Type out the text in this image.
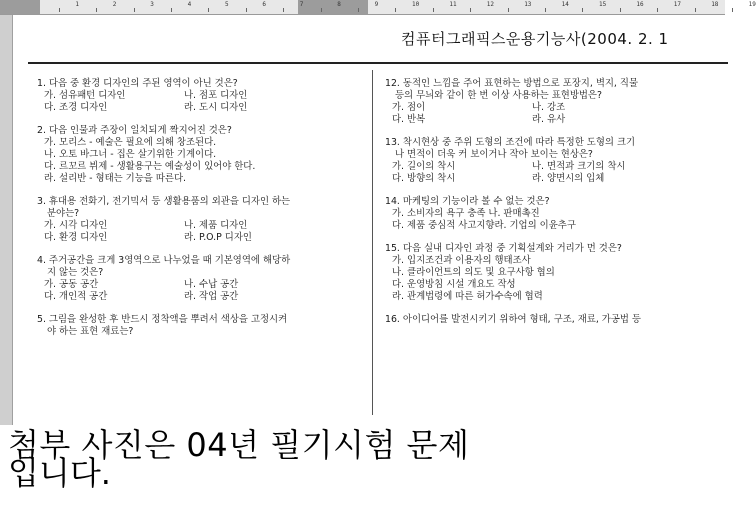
1	2	3	4	5	6	7	8	9	10	11	12	13	14	15	16	17	18	19
컴퓨터그래픽스운용기능사(2004. 2. 1
1. 다음 중 환경 디자인의 주된 영역이 아닌 것은?
가. 섬유패턴 디자인	나. 점포 디자인
다. 조경 디자인	라. 도시 디자인
2. 다음 인물과 주장이 일치되게 짝지어진 것은?
가. 모리스 - 예술은 필요에 의해 창조된다.
나. 오토 바그너 - 집은 살기위한 기계이다.
다. 르꼬르 뷔제 - 생활용구는 예술성이 있어야 한다.
라. 설리반 - 형태는 기능을 따른다.
3. 휴대용 전화기, 전기믹서 등 생활용품의 외관을 디자인 하는
분야는?
가. 시각 디자인	나. 제품 디자인
다. 환경 디자인	라. P.O.P 디자인
4. 주거공간을 크게 3영역으로 나누었을 때 기본영역에 해당하
지 않는 것은?
가. 공동 공간	나. 수납 공간
다. 개인적 공간	라. 작업 공간
5. 그림을 완성한 후 반드시 정착액을 뿌려서 색상을 고정시켜
야 하는 표현 재료는?
12. 동적인 느낌을 주어 표현하는 방법으로 포장지, 벽지, 직물
등의 무늬와 같이 한 번 이상 사용하는 표현방법은?
가. 점이	나. 강조
다. 반복	라. 유사
13. 착시현상 중 주위 도형의 조건에 따라 특정한 도형의 크기
나 면적이 더욱 커 보이거나 작아 보이는 현상은?
가. 길이의 착시	나. 면적과 크기의 착시
다. 방향의 착시	라. 양면시의 입체
14. 마케팅의 기능이라 볼 수 없는 것은?
가. 소비자의 욕구 충족 나. 판매촉진
다. 제품 중심적 사고지향라. 기업의 이윤추구
15. 다음 실내 디자인 과정 중 기획설계와 거리가 먼 것은?
가. 입지조건과 이용자의 행태조사
나. 클라이언트의 의도 및 요구사항 협의
다. 운영방침 시설 개요도 작성
라. 관계법령에 따른 허가수속에 협력
16. 아이디어를 발전시키기 위하여 형태, 구조, 재료, 가공법 등
첨부 사진은 04년 필기시험 문제
입니다.
